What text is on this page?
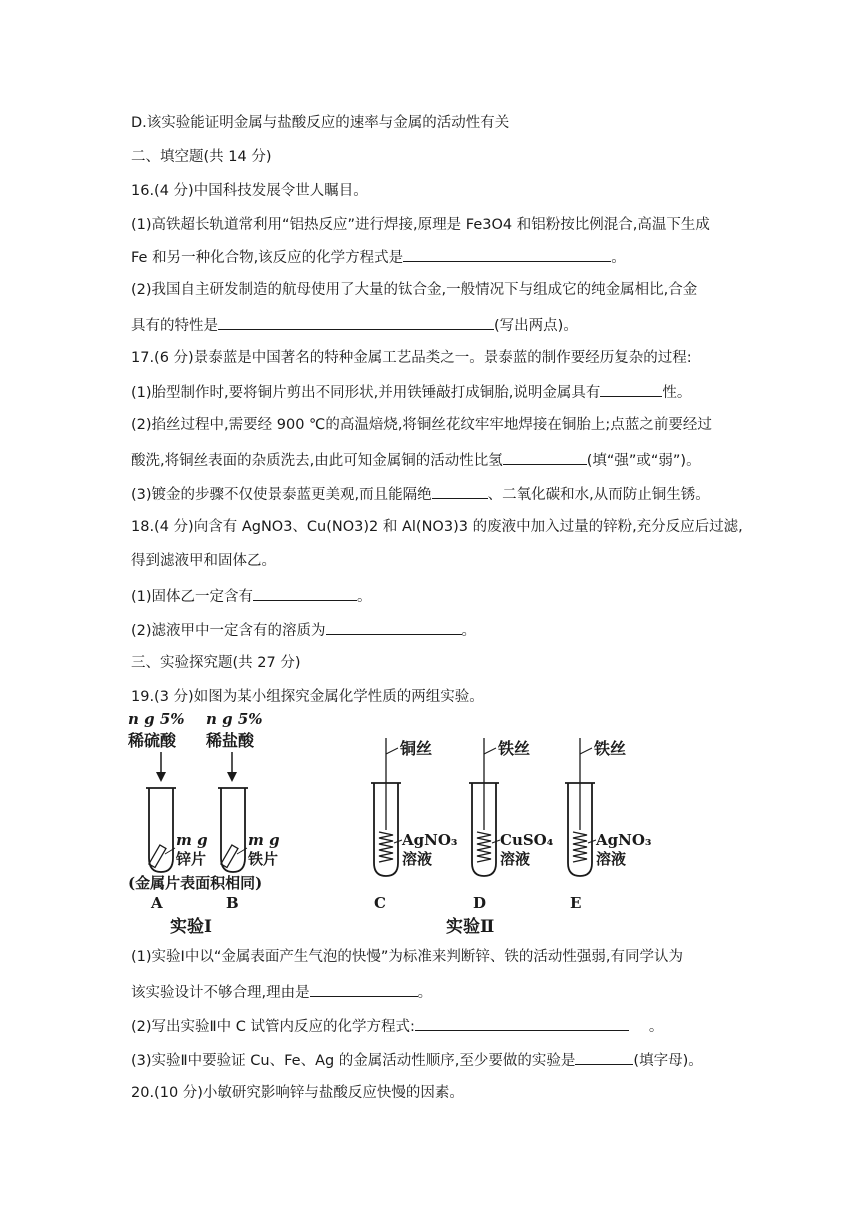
D.该实验能证明金属与盐酸反应的速率与金属的活动性有关
二、填空题(共 14 分)
16.(4 分)中国科技发展令世人瞩目。
(1)高铁超长轨道常利用“铝热反应”进行焊接,原理是 Fe3O4 和铝粉按比例混合,高温下生成
Fe 和另一种化合物,该反应的化学方程式是	。
(2)我国自主研发制造的航母使用了大量的钛合金,一般情况下与组成它的纯金属相比,合金
具有的特性是	(写出两点)。
17.(6 分)景泰蓝是中国著名的特种金属工艺品类之一。景泰蓝的制作要经历复杂的过程:
(1)胎型制作时,要将铜片剪出不同形状,并用铁锤敲打成铜胎,说明金属具有	性。
(2)掐丝过程中,需要经 900 ℃的高温焙烧,将铜丝花纹牢牢地焊接在铜胎上;点蓝之前要经过
酸洗,将铜丝表面的杂质洗去,由此可知金属铜的活动性比氢	(填“强”或“弱”)。
(3)镀金的步骤不仅使景泰蓝更美观,而且能隔绝	、二氧化碳和水,从而防止铜生锈。
18.(4 分)向含有 AgNO3、Cu(NO3)2 和 Al(NO3)3 的废液中加入过量的锌粉,充分反应后过滤,
得到滤液甲和固体乙。
(1)固体乙一定含有	。
(2)滤液甲中一定含有的溶质为	。
三、实验探究题(共 27 分)
19.(3 分)如图为某小组探究金属化学性质的两组实验。
n g 5%
稀硫酸
m g
锌片
n g 5%
稀盐酸
m g
铁片
(金属片表面积相同)
A	B
实验Ⅰ
铜丝
AgNO₃
溶液
铁丝
CuSO₄
溶液
铁丝
AgNO₃
溶液
C	D	E
实验Ⅱ
(1)实验Ⅰ中以“金属表面产生气泡的快慢”为标准来判断锌、铁的活动性强弱,有同学认为
该实验设计不够合理,理由是	。
(2)写出实验Ⅱ中 C 试管内反应的化学方程式:	。
(3)实验Ⅱ中要验证 Cu、Fe、Ag 的金属活动性顺序,至少要做的实验是	(填字母)。
20.(10 分)小敏研究影响锌与盐酸反应快慢的因素。
